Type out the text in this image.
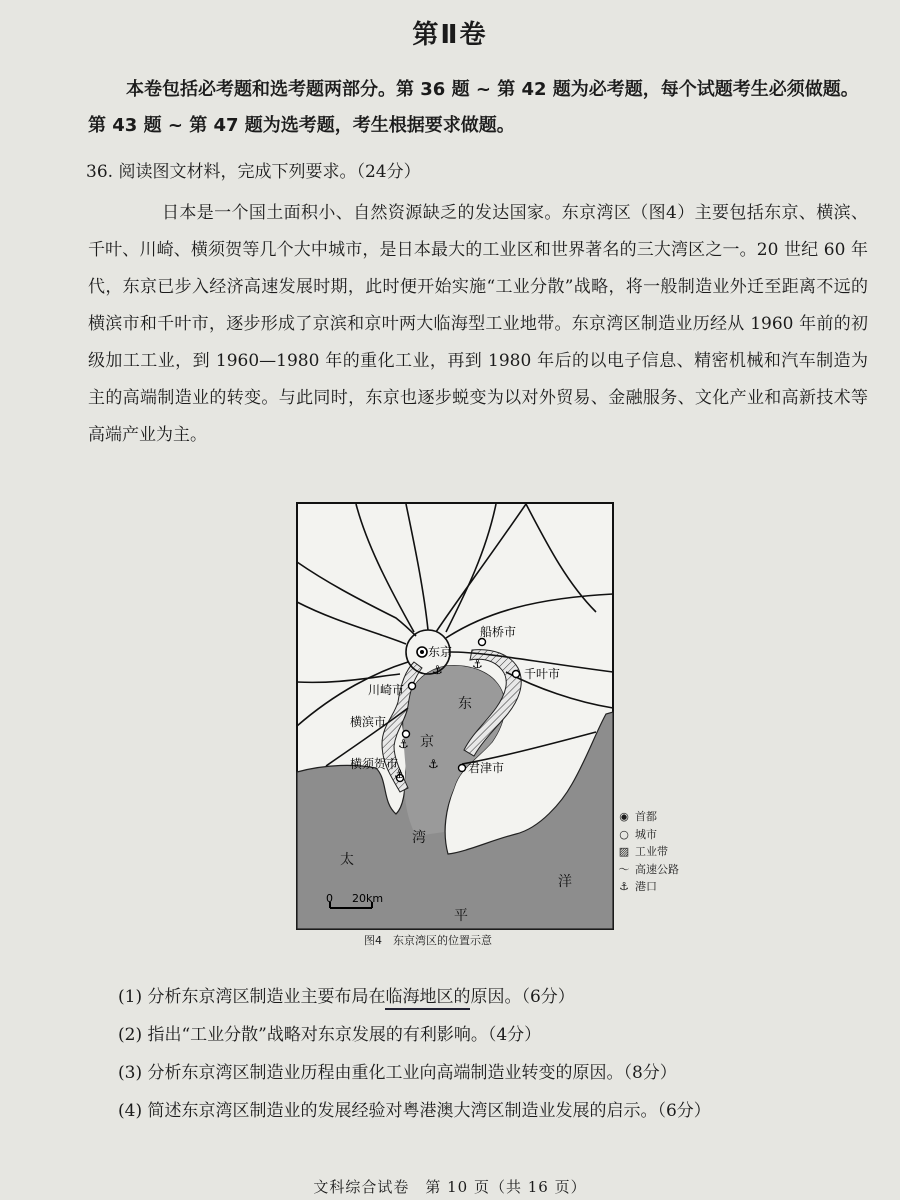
第Ⅱ卷
本卷包括必考题和选考题两部分。第 36 题 ~ 第 42 题为必考题，每个试题考生必须做题。第 43 题 ~ 第 47 题为选考题，考生根据要求做题。
36. 阅读图文材料，完成下列要求。（24分）
日本是一个国土面积小、自然资源缺乏的发达国家。东京湾区（图4）主要包括东京、横滨、千叶、川崎、横须贺等几个大中城市，是日本最大的工业区和世界著名的三大湾区之一。20 世纪 60 年代，东京已步入经济高速发展时期，此时便开始实施“工业分散”战略，将一般制造业外迁至距离不远的横滨市和千叶市，逐步形成了京滨和京叶两大临海型工业地带。东京湾区制造业历经从 1960 年前的初级加工工业，到 1960—1980 年的重化工业，再到 1980 年后的以电子信息、精密机械和汽车制造为主的高端制造业的转变。与此同时，东京也逐步蜕变为以对外贸易、金融服务、文化产业和高新技术等高端产业为主。
⚓ ⚓
⚓
⚓
⚓
东京
船桥市
千叶市
川崎市
横滨市
横须贺市	君津市
东
京
湾
太
平
洋
0 20km
图4　东京湾区的位置示意
◉ 首都
○ 城市
▨ 工业带
〜 高速公路
⚓ 港口
(1) 分析东京湾区制造业主要布局在临海地区的原因。（6分）
(2) 指出“工业分散”战略对东京发展的有利影响。（4分）
(3) 分析东京湾区制造业历程由重化工业向高端制造业转变的原因。（8分）
(4) 简述东京湾区制造业的发展经验对粤港澳大湾区制造业发展的启示。（6分）
文科综合试卷　第 10 页（共 16 页）
